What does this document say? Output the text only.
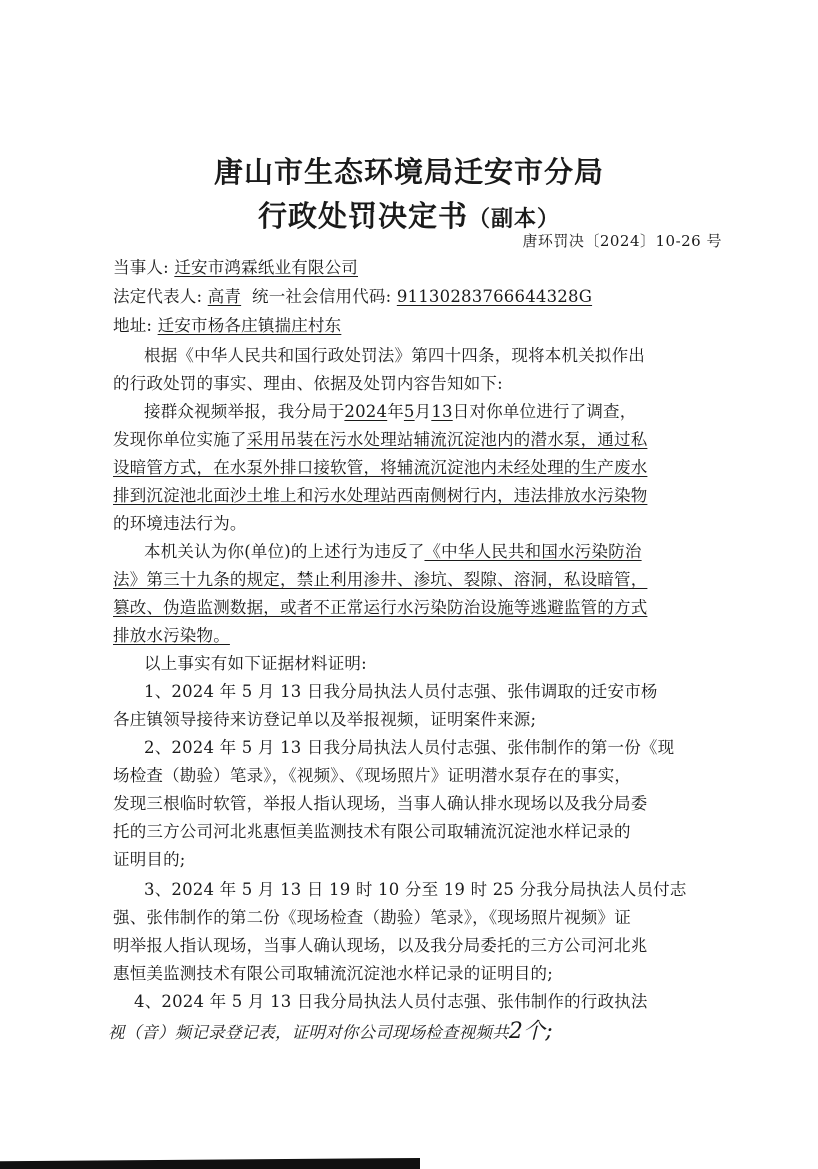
唐山市生态环境局迁安市分局
行政处罚决定书（副本）
唐环罚决〔2024〕10-26 号
当事人: 迁安市鸿霖纸业有限公司
法定代表人: 高青 统一社会信用代码: 91130283766644328G
地址: 迁安市杨各庄镇揣庄村东
根据《中华人民共和国行政处罚法》第四十四条，现将本机关拟作出
的行政处罚的事实、理由、依据及处罚内容告知如下:
接群众视频举报，我分局于2024年5月13日对你单位进行了调查，
发现你单位实施了采用吊装在污水处理站辅流沉淀池内的潜水泵，通过私
设暗管方式，在水泵外排口接软管，将辅流沉淀池内未经处理的生产废水
排到沉淀池北面沙土堆上和污水处理站西南侧树行内，违法排放水污染物
的环境违法行为。
本机关认为你(单位)的上述行为违反了《中华人民共和国水污染防治
法》第三十九条的规定，禁止利用渗井、渗坑、裂隙、溶洞，私设暗管，
篡改、伪造监测数据，或者不正常运行水污染防治设施等逃避监管的方式
排放水污染物。
以上事实有如下证据材料证明:
1、2024 年 5 月 13 日我分局执法人员付志强、张伟调取的迁安市杨
各庄镇领导接待来访登记单以及举报视频，证明案件来源;
2、2024 年 5 月 13 日我分局执法人员付志强、张伟制作的第一份《现
场检查（勘验）笔录》，《视频》、《现场照片》证明潜水泵存在的事实，
发现三根临时软管，举报人指认现场，当事人确认排水现场以及我分局委
托的三方公司河北兆惠恒美监测技术有限公司取辅流沉淀池水样记录的
证明目的;
3、2024 年 5 月 13 日 19 时 10 分至 19 时 25 分我分局执法人员付志
强、张伟制作的第二份《现场检查（勘验）笔录》，《现场照片视频》证
明举报人指认现场，当事人确认现场，以及我分局委托的三方公司河北兆
惠恒美监测技术有限公司取辅流沉淀池水样记录的证明目的;
4、2024 年 5 月 13 日我分局执法人员付志强、张伟制作的行政执法
视（音）频记录登记表，证明对你公司现场检查视频共2个;
